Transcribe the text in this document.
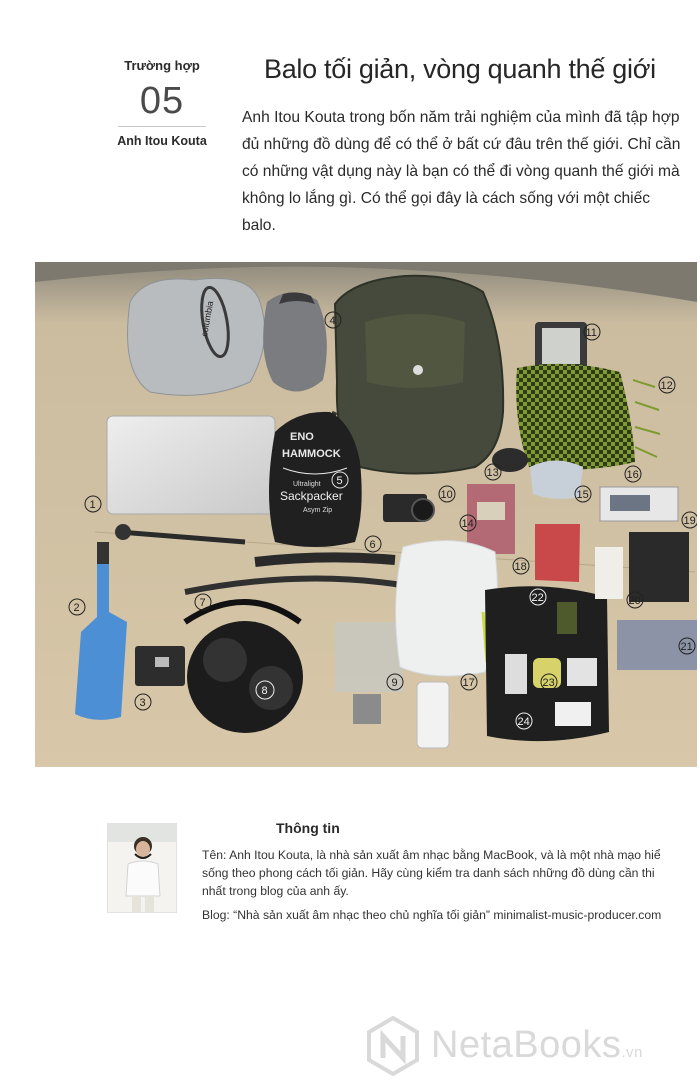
Trường hợp
05
Anh Itou Kouta
Balo tối giản, vòng quanh thế giới

Anh Itou Kouta trong bốn năm trải nghiệm của mình đã tập hợp đủ những đồ dùng để có thể ở bất cứ đâu trên thế giới. Chỉ cần có những vật dụng này là bạn có thể đi vòng quanh thế giới mà không lo lắng gì. Có thể gọi đây là cách sống với một chiếc balo.

columbia
ENO
HAMMOCK
Ultralight
Sackpacker
Asym Zip
1
2
3
4
5
6
7
8
9
10
11
12
13
14
15
16
17
18
19
20
21
22
23
24
Thông tin

Tên: Anh Itou Kouta, là nhà sản xuất âm nhạc bằng MacBook, và là một nhà mạo hiể

sống theo phong cách tối giản. Hãy cùng kiểm tra danh sách những đồ dùng cần thi

nhất trong blog của anh ấy.

Blog: “Nhà sản xuất âm nhạc theo chủ nghĩa tối giản” minimalist-music-producer.com

NetaBooks.vn
